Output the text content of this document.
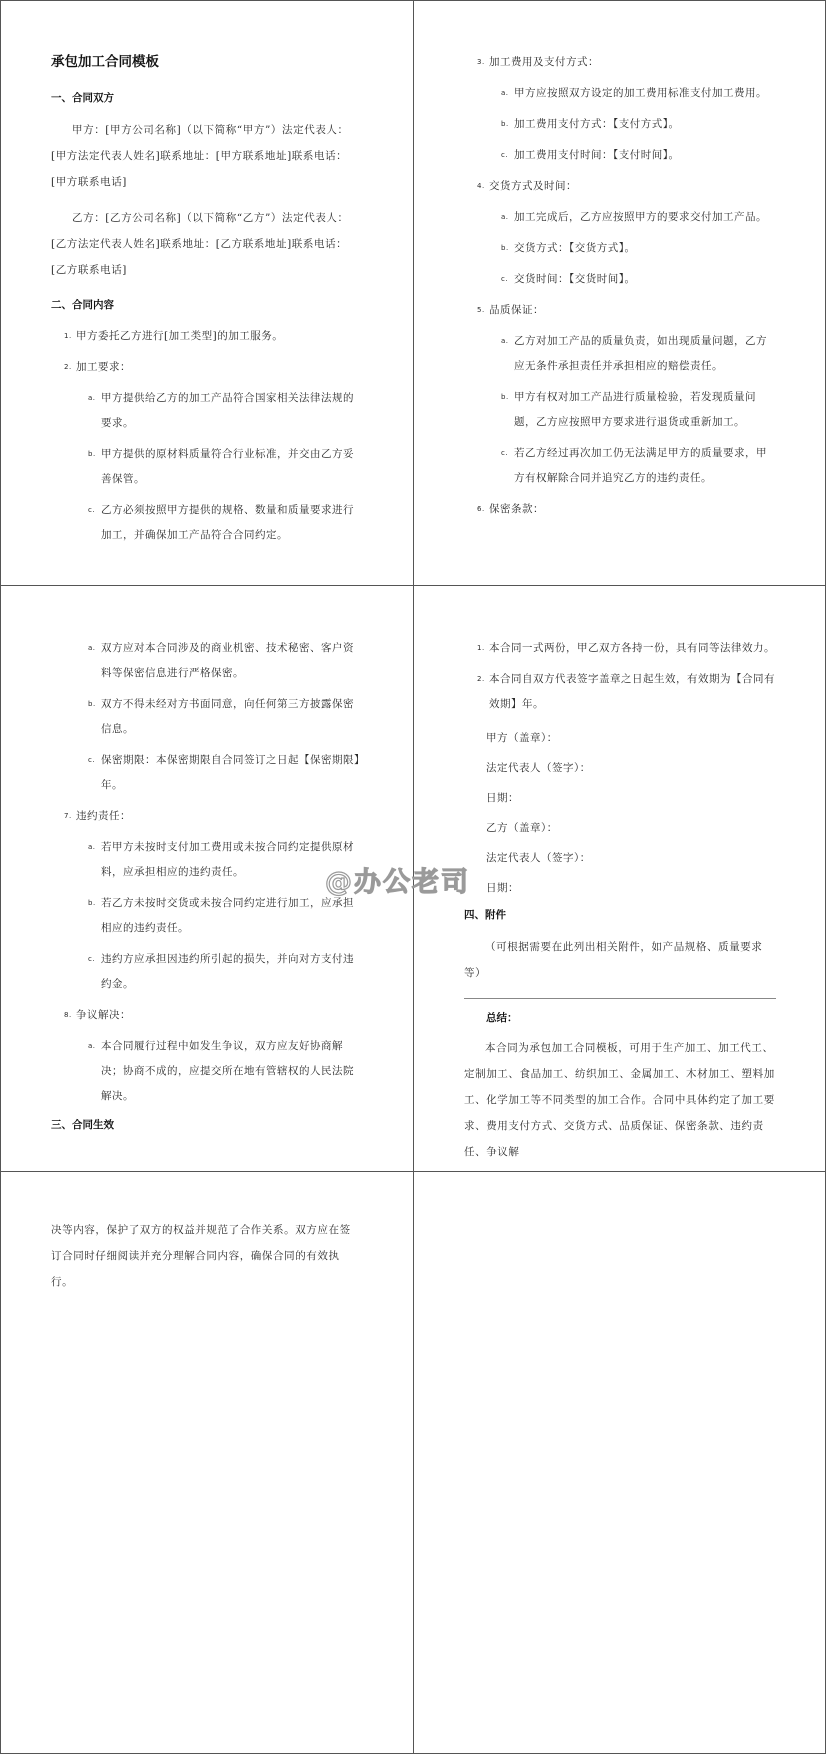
承包加工合同模板
一、合同双方

甲方：[甲方公司名称]（以下简称“甲方”）法定代表人：[甲方法定代表人姓名]联系地址：[甲方联系地址]联系电话：[甲方联系电话]

乙方：[乙方公司名称]（以下简称“乙方”）法定代表人：[乙方法定代表人姓名]联系地址：[乙方联系地址]联系电话：[乙方联系电话]

二、合同内容
1. 甲方委托乙方进行[加工类型]的加工服务。
2. 加工要求：
a. 甲方提供给乙方的加工产品符合国家相关法律法规的要求。
b. 甲方提供的原材料质量符合行业标准，并交由乙方妥善保管。
c. 乙方必须按照甲方提供的规格、数量和质量要求进行加工，并确保加工产品符合合同约定。
3. 加工费用及支付方式：
a. 甲方应按照双方设定的加工费用标准支付加工费用。
b. 加工费用支付方式：【支付方式】。
c. 加工费用支付时间：【支付时间】。
4. 交货方式及时间：
a. 加工完成后，乙方应按照甲方的要求交付加工产品。
b. 交货方式：【交货方式】。
c. 交货时间：【交货时间】。
5. 品质保证：
a. 乙方对加工产品的质量负责，如出现质量问题，乙方应无条件承担责任并承担相应的赔偿责任。
b. 甲方有权对加工产品进行质量检验，若发现质量问题，乙方应按照甲方要求进行退货或重新加工。
c. 若乙方经过再次加工仍无法满足甲方的质量要求，甲方有权解除合同并追究乙方的违约责任。
6. 保密条款：
a. 双方应对本合同涉及的商业机密、技术秘密、客户资料等保密信息进行严格保密。
b. 双方不得未经对方书面同意，向任何第三方披露保密信息。
c. 保密期限：本保密期限自合同签订之日起【保密期限】年。
7. 违约责任：
a. 若甲方未按时支付加工费用或未按合同约定提供原材料，应承担相应的违约责任。
b. 若乙方未按时交货或未按合同约定进行加工，应承担相应的违约责任。
c. 违约方应承担因违约所引起的损失，并向对方支付违约金。
8. 争议解决：
a. 本合同履行过程中如发生争议，双方应友好协商解决；协商不成的，应提交所在地有管辖权的人民法院解决。
三、合同生效
1. 本合同一式两份，甲乙双方各持一份，具有同等法律效力。
2. 本合同自双方代表签字盖章之日起生效，有效期为【合同有效期】年。
甲方（盖章）：
法定代表人（签字）：
日期：
乙方（盖章）：
法定代表人（签字）：
日期：
四、附件

（可根据需要在此列出相关附件，如产品规格、质量要求等）

总结：

本合同为承包加工合同模板，可用于生产加工、加工代工、定制加工、食品加工、纺织加工、金属加工、木材加工、塑料加工、化学加工等不同类型的加工合作。合同中具体约定了加工要求、费用支付方式、交货方式、品质保证、保密条款、违约责任、争议解

决等内容，保护了双方的权益并规范了合作关系。双方应在签订合同时仔细阅读并充分理解合同内容，确保合同的有效执行。

@办公老司
